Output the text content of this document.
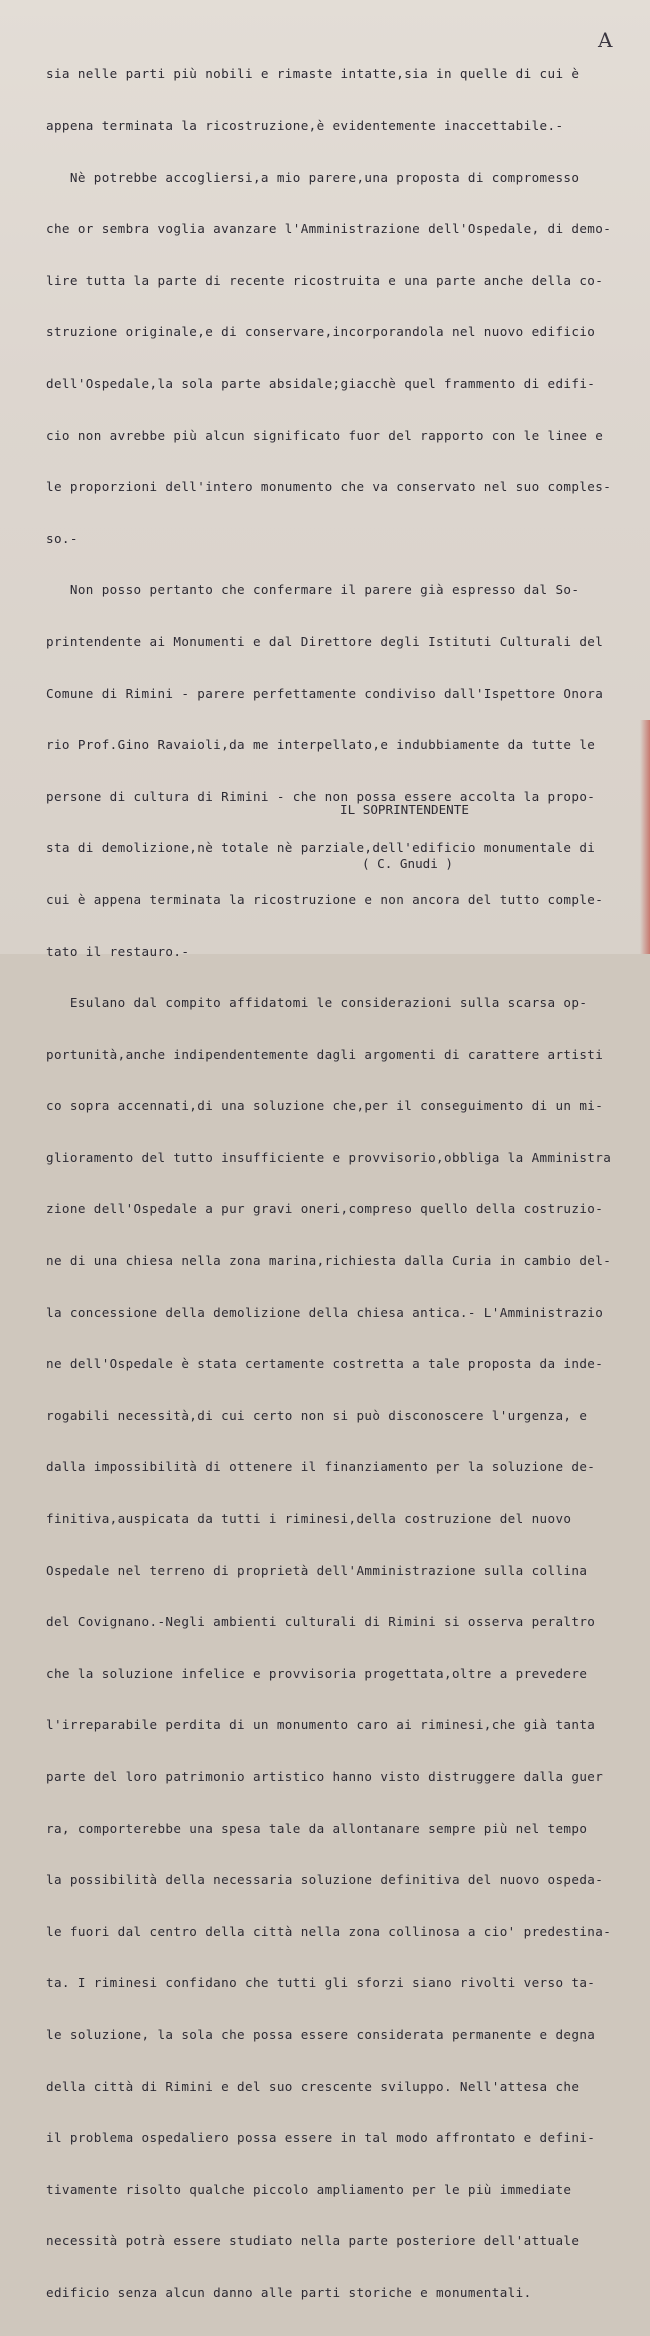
A

sia nelle parti più nobili e rimaste intatte,sia in quelle di cui è

appena terminata la ricostruzione,è evidentemente inaccettabile.-

Nè potrebbe accogliersi,a mio parere,una proposta di compromesso

che or sembra voglia avanzare l'Amministrazione dell'Ospedale, di demo-

lire tutta la parte di recente ricostruita e una parte anche della co-

struzione originale,e di conservare,incorporandola nel nuovo edificio

dell'Ospedale,la sola parte absidale;giacchè quel frammento di edifi-

cio non avrebbe più alcun significato fuor del rapporto con le linee e

le proporzioni dell'intero monumento che va conservato nel suo comples-

so.-

Non posso pertanto che confermare il parere già espresso dal So-

printendente ai Monumenti e dal Direttore degli Istituti Culturali del

Comune di Rimini - parere perfettamente condiviso dall'Ispettore Onora

rio Prof.Gino Ravaioli,da me interpellato,e indubbiamente da tutte le

persone di cultura di Rimini - che non possa essere accolta la propo-

sta di demolizione,nè totale nè parziale,dell'edificio monumentale di

cui è appena terminata la ricostruzione e non ancora del tutto comple-

tato il restauro.-

Esulano dal compito affidatomi le considerazioni sulla scarsa op-

portunità,anche indipendentemente dagli argomenti di carattere artisti

co sopra accennati,di una soluzione che,per il conseguimento di un mi-

glioramento del tutto insufficiente e provvisorio,obbliga la Amministra

zione dell'Ospedale a pur gravi oneri,compreso quello della costruzio-

ne di una chiesa nella zona marina,richiesta dalla Curia in cambio del-

la concessione della demolizione della chiesa antica.- L'Amministrazio

ne dell'Ospedale è stata certamente costretta a tale proposta da inde-

rogabili necessità,di cui certo non si può disconoscere l'urgenza, e

dalla impossibilità di ottenere il finanziamento per la soluzione de-

finitiva,auspicata da tutti i riminesi,della costruzione del nuovo

Ospedale nel terreno di proprietà dell'Amministrazione sulla collina

del Covignano.-Negli ambienti culturali di Rimini si osserva peraltro

che la soluzione infelice e provvisoria progettata,oltre a prevedere

l'irreparabile perdita di un monumento caro ai riminesi,che già tanta

parte del loro patrimonio artistico hanno visto distruggere dalla guer

ra, comporterebbe una spesa tale da allontanare sempre più nel tempo

la possibilità della necessaria soluzione definitiva del nuovo ospeda-

le fuori dal centro della città nella zona collinosa a cio' predestina-

ta. I riminesi confidano che tutti gli sforzi siano rivolti verso ta-

le soluzione, la sola che possa essere considerata permanente e degna

della città di Rimini e del suo crescente sviluppo. Nell'attesa che

il problema ospedaliero possa essere in tal modo affrontato e defini-

tivamente risolto qualche piccolo ampliamento per le più immediate

necessità potrà essere studiato nella parte posteriore dell'attuale

edificio senza alcun danno alle parti storiche e monumentali.

IL SOPRINTENDENTE

( C. Gnudi )
